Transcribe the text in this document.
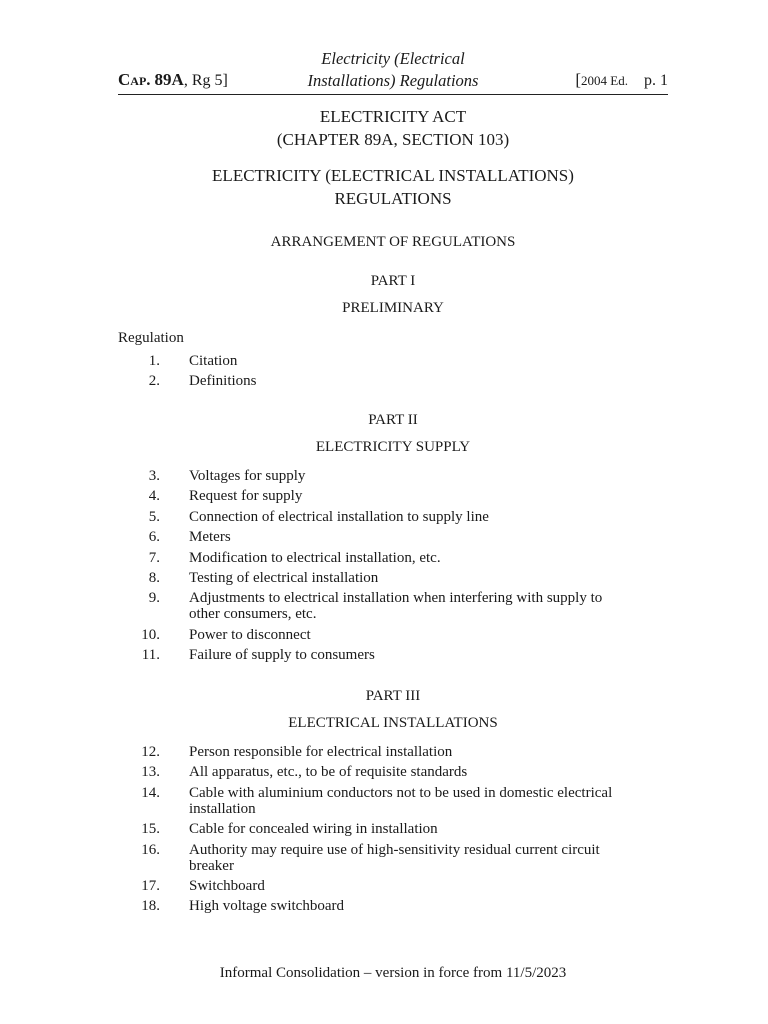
Cap. 89A, Rg 5]
Electricity (Electrical
Installations) Regulations	[2004 Ed. p. 1
ELECTRICITY ACT
(CHAPTER 89A, SECTION 103)
ELECTRICITY (ELECTRICAL INSTALLATIONS)
REGULATIONS
ARRANGEMENT OF REGULATIONS
PART I
PRELIMINARY
Regulation
1. Citation
2. Definitions
PART II
ELECTRICITY SUPPLY
3. Voltages for supply
4. Request for supply
5. Connection of electrical installation to supply line
6. Meters
7. Modification to electrical installation, etc.
8. Testing of electrical installation
9. Adjustments to electrical installation when interfering with supply to other consumers, etc.
10. Power to disconnect
11. Failure of supply to consumers
PART III
ELECTRICAL INSTALLATIONS
12. Person responsible for electrical installation
13. All apparatus, etc., to be of requisite standards
14. Cable with aluminium conductors not to be used in domestic electrical installation
15. Cable for concealed wiring in installation
16. Authority may require use of high-sensitivity residual current circuit breaker
17. Switchboard
18. High voltage switchboard
Informal Consolidation – version in force from 11/5/2023
